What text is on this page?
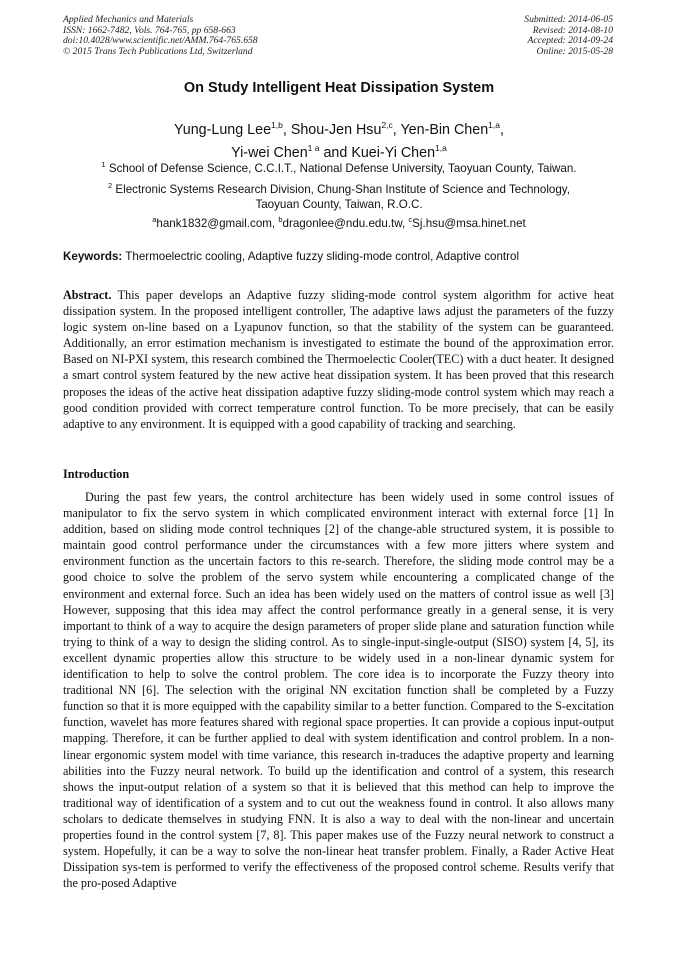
Applied Mechanics and Materials
ISSN: 1662-7482, Vols. 764-765, pp 658-663
doi:10.4028/www.scientific.net/AMM.764-765.658
© 2015 Trans Tech Publications Ltd, Switzerland
Submitted: 2014-06-05
Revised: 2014-08-10
Accepted: 2014-09-24
Online: 2015-05-28
On Study Intelligent Heat Dissipation System
Yung-Lung Lee$^{1,b}$, Shou-Jen Hsu$^{2,c}$, Yen-Bin Chen$^{1,a}$,
Yi-wei Chen$^{1 a}$ and Kuei-Yi Chen$^{1,a}$
$^1$ School of Defense Science, C.C.I.T., National Defense University, Taoyuan County, Taiwan.
$^2$ Electronic Systems Research Division, Chung-Shan Institute of Science and Technology,
Taoyuan County, Taiwan, R.O.C.
$^a$hank1832@gmail.com, $^b$dragonlee@ndu.edu.tw, $^c$Sj.hsu@msa.hinet.net
Keywords: Thermoelectric cooling, Adaptive fuzzy sliding-mode control, Adaptive control
Abstract. This paper develops an Adaptive fuzzy sliding-mode control system algorithm for active heat dissipation system. In the proposed intelligent controller, The adaptive laws adjust the parameters of the fuzzy logic system on-line based on a Lyapunov function, so that the stability of the system can be guaranteed. Additionally, an error estimation mechanism is investigated to estimate the bound of the approximation error. Based on NI-PXI system, this research combined the Thermoelectic Cooler(TEC) with a duct heater. It designed a smart control system featured by the new active heat dissipation system. It has been proved that this research proposes the ideas of the active heat dissipation adaptive fuzzy sliding-mode control system which may reach a good condition provided with correct temperature control function. To be more precisely, that can be easily adaptive to any environment. It is equipped with a good capability of tracking and searching.
Introduction
During the past few years, the control architecture has been widely used in some control issues of manipulator to fix the servo system in which complicated environment interact with external force [1] In addition, based on sliding mode control techniques [2] of the change-able structured system, it is possible to maintain good control performance under the circumstances with a few more jitters where system and environment function as the uncertain factors to this re-search. Therefore, the sliding mode control may be a good choice to solve the problem of the servo system while encountering a complicated change of the environment and external force. Such an idea has been widely used on the matters of control issue as well [3] However, supposing that this idea may affect the control performance greatly in a general sense, it is very important to think of a way to acquire the design parameters of proper slide plane and saturation function while trying to think of a way to design the sliding control. As to single-input-single-output (SISO) system [4, 5], its excellent dynamic properties allow this structure to be widely used in a non-linear dynamic system for identification to help to solve the control problem. The core idea is to incorporate the Fuzzy theory into traditional NN [6]. The selection with the original NN excitation function shall be completed by a Fuzzy function so that it is more equipped with the capability similar to a better function. Compared to the S-excitation function, wavelet has more features shared with regional space properties. It can provide a copious input-output mapping. Therefore, it can be further applied to deal with system identification and control problem. In a non-linear ergonomic system model with time variance, this research in-traduces the adaptive property and learning abilities into the Fuzzy neural network. To build up the identification and control of a system, this research shows the input-output relation of a system so that it is believed that this method can help to improve the traditional way of identification of a system and to cut out the weakness found in control. It also allows many scholars to dedicate themselves in studying FNN. It is also a way to deal with the non-linear and uncertain properties found in the control system [7, 8]. This paper makes use of the Fuzzy neural network to construct a system. Hopefully, it can be a way to solve the non-linear heat transfer problem. Finally, a Rader Active Heat Dissipation sys-tem is performed to verify the effectiveness of the proposed control scheme. Results verify that the pro-posed Adaptive
